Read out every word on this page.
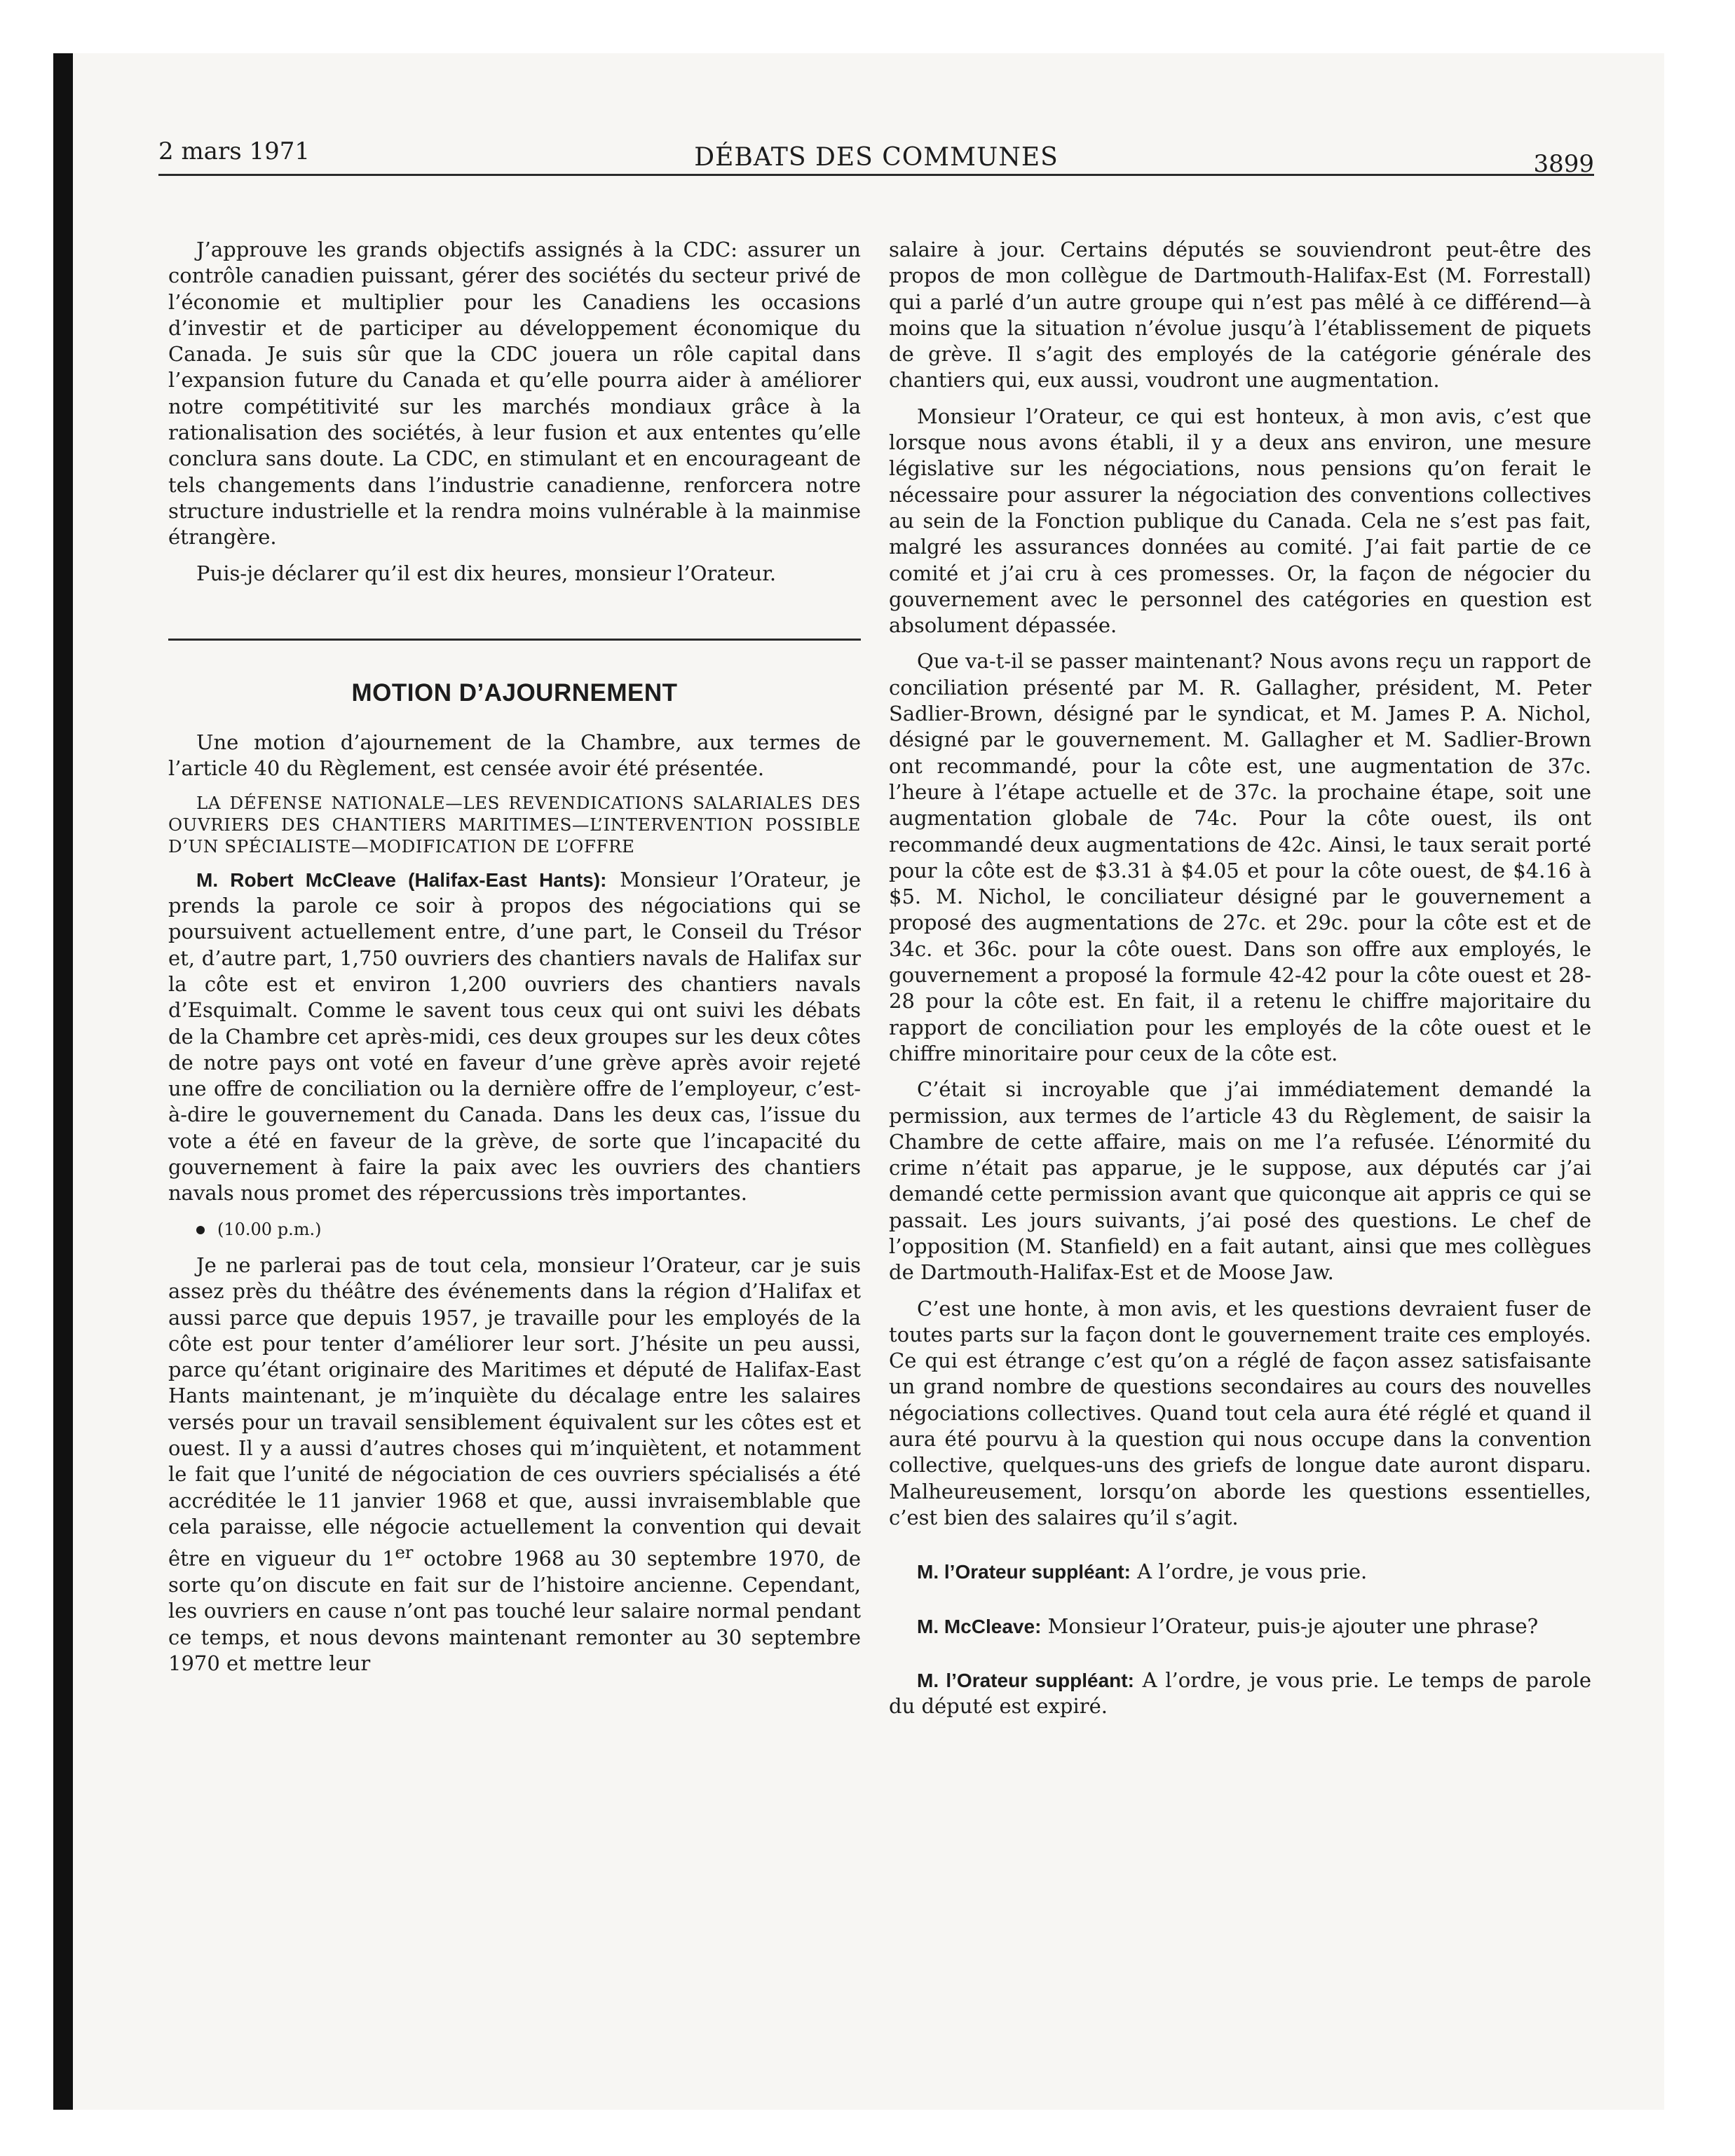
2 mars 1971	DÉBATS DES COMMUNES	3899

J’approuve les grands objectifs assignés à la CDC: assurer un contrôle canadien puissant, gérer des sociétés du secteur privé de l’économie et multiplier pour les Canadiens les occasions d’investir et de participer au développement économique du Canada. Je suis sûr que la CDC jouera un rôle capital dans l’expansion future du Canada et qu’elle pourra aider à améliorer notre compétitivité sur les marchés mondiaux grâce à la rationalisation des sociétés, à leur fusion et aux ententes qu’elle conclura sans doute. La CDC, en stimulant et en encourageant de tels changements dans l’industrie canadienne, renforcera notre structure industrielle et la rendra moins vulnérable à la mainmise étrangère.

Puis-je déclarer qu’il est dix heures, monsieur l’Orateur.

MOTION D’AJOURNEMENT

Une motion d’ajournement de la Chambre, aux termes de l’article 40 du Règlement, est censée avoir été présentée.

LA DÉFENSE NATIONALE—LES REVENDICATIONS SALARIALES DES OUVRIERS DES CHANTIERS MARITIMES—L’INTERVENTION POSSIBLE D’UN SPÉCIALISTE—MODIFICATION DE L’OFFRE

M. Robert McCleave (Halifax-East Hants): Monsieur l’Orateur, je prends la parole ce soir à propos des négociations qui se poursuivent actuellement entre, d’une part, le Conseil du Trésor et, d’autre part, 1,750 ouvriers des chantiers navals de Halifax sur la côte est et environ 1,200 ouvriers des chantiers navals d’Esquimalt. Comme le savent tous ceux qui ont suivi les débats de la Chambre cet après-midi, ces deux groupes sur les deux côtes de notre pays ont voté en faveur d’une grève après avoir rejeté une offre de conciliation ou la dernière offre de l’employeur, c’est-à-dire le gouvernement du Canada. Dans les deux cas, l’issue du vote a été en faveur de la grève, de sorte que l’incapacité du gouvernement à faire la paix avec les ouvriers des chantiers navals nous promet des répercussions très importantes.

(10.00 p.m.)

Je ne parlerai pas de tout cela, monsieur l’Orateur, car je suis assez près du théâtre des événements dans la région d’Halifax et aussi parce que depuis 1957, je travaille pour les employés de la côte est pour tenter d’améliorer leur sort. J’hésite un peu aussi, parce qu’étant originaire des Maritimes et député de Halifax-East Hants maintenant, je m’inquiète du décalage entre les salaires versés pour un travail sensiblement équivalent sur les côtes est et ouest. Il y a aussi d’autres choses qui m’inquiètent, et notamment le fait que l’unité de négociation de ces ouvriers spécialisés a été accréditée le 11 janvier 1968 et que, aussi invraisemblable que cela paraisse, elle négocie actuellement la convention qui devait être en vigueur du 1er octobre 1968 au 30 septembre 1970, de sorte qu’on discute en fait sur de l’histoire ancienne. Cependant, les ouvriers en cause n’ont pas touché leur salaire normal pendant ce temps, et nous devons maintenant remonter au 30 septembre 1970 et mettre leur

salaire à jour. Certains députés se souviendront peut-être des propos de mon collègue de Dartmouth-Halifax-Est (M. Forrestall) qui a parlé d’un autre groupe qui n’est pas mêlé à ce différend—à moins que la situation n’évolue jusqu’à l’établissement de piquets de grève. Il s’agit des employés de la catégorie générale des chantiers qui, eux aussi, voudront une augmentation.

Monsieur l’Orateur, ce qui est honteux, à mon avis, c’est que lorsque nous avons établi, il y a deux ans environ, une mesure législative sur les négociations, nous pensions qu’on ferait le nécessaire pour assurer la négociation des conventions collectives au sein de la Fonction publique du Canada. Cela ne s’est pas fait, malgré les assurances données au comité. J’ai fait partie de ce comité et j’ai cru à ces promesses. Or, la façon de négocier du gouvernement avec le personnel des catégories en question est absolument dépassée.

Que va-t-il se passer maintenant? Nous avons reçu un rapport de conciliation présenté par M. R. Gallagher, président, M. Peter Sadlier-Brown, désigné par le syndicat, et M. James P. A. Nichol, désigné par le gouvernement. M. Gallagher et M. Sadlier-Brown ont recommandé, pour la côte est, une augmentation de 37c. l’heure à l’étape actuelle et de 37c. la prochaine étape, soit une augmentation globale de 74c. Pour la côte ouest, ils ont recommandé deux augmentations de 42c. Ainsi, le taux serait porté pour la côte est de $3.31 à $4.05 et pour la côte ouest, de $4.16 à $5. M. Nichol, le conciliateur désigné par le gouvernement a proposé des augmentations de 27c. et 29c. pour la côte est et de 34c. et 36c. pour la côte ouest. Dans son offre aux employés, le gouvernement a proposé la formule 42-42 pour la côte ouest et 28-28 pour la côte est. En fait, il a retenu le chiffre majoritaire du rapport de conciliation pour les employés de la côte ouest et le chiffre minoritaire pour ceux de la côte est.

C’était si incroyable que j’ai immédiatement demandé la permission, aux termes de l’article 43 du Règlement, de saisir la Chambre de cette affaire, mais on me l’a refusée. L’énormité du crime n’était pas apparue, je le suppose, aux députés car j’ai demandé cette permission avant que quiconque ait appris ce qui se passait. Les jours suivants, j’ai posé des questions. Le chef de l’opposition (M. Stanfield) en a fait autant, ainsi que mes collègues de Dartmouth-Halifax-Est et de Moose Jaw.

C’est une honte, à mon avis, et les questions devraient fuser de toutes parts sur la façon dont le gouvernement traite ces employés. Ce qui est étrange c’est qu’on a réglé de façon assez satisfaisante un grand nombre de questions secondaires au cours des nouvelles négociations collectives. Quand tout cela aura été réglé et quand il aura été pourvu à la question qui nous occupe dans la convention collective, quelques-uns des griefs de longue date auront disparu. Malheureusement, lorsqu’on aborde les questions essentielles, c’est bien des salaires qu’il s’agit.

M. l’Orateur suppléant: A l’ordre, je vous prie.

M. McCleave: Monsieur l’Orateur, puis-je ajouter une phrase?

M. l’Orateur suppléant: A l’ordre, je vous prie. Le temps de parole du député est expiré.
